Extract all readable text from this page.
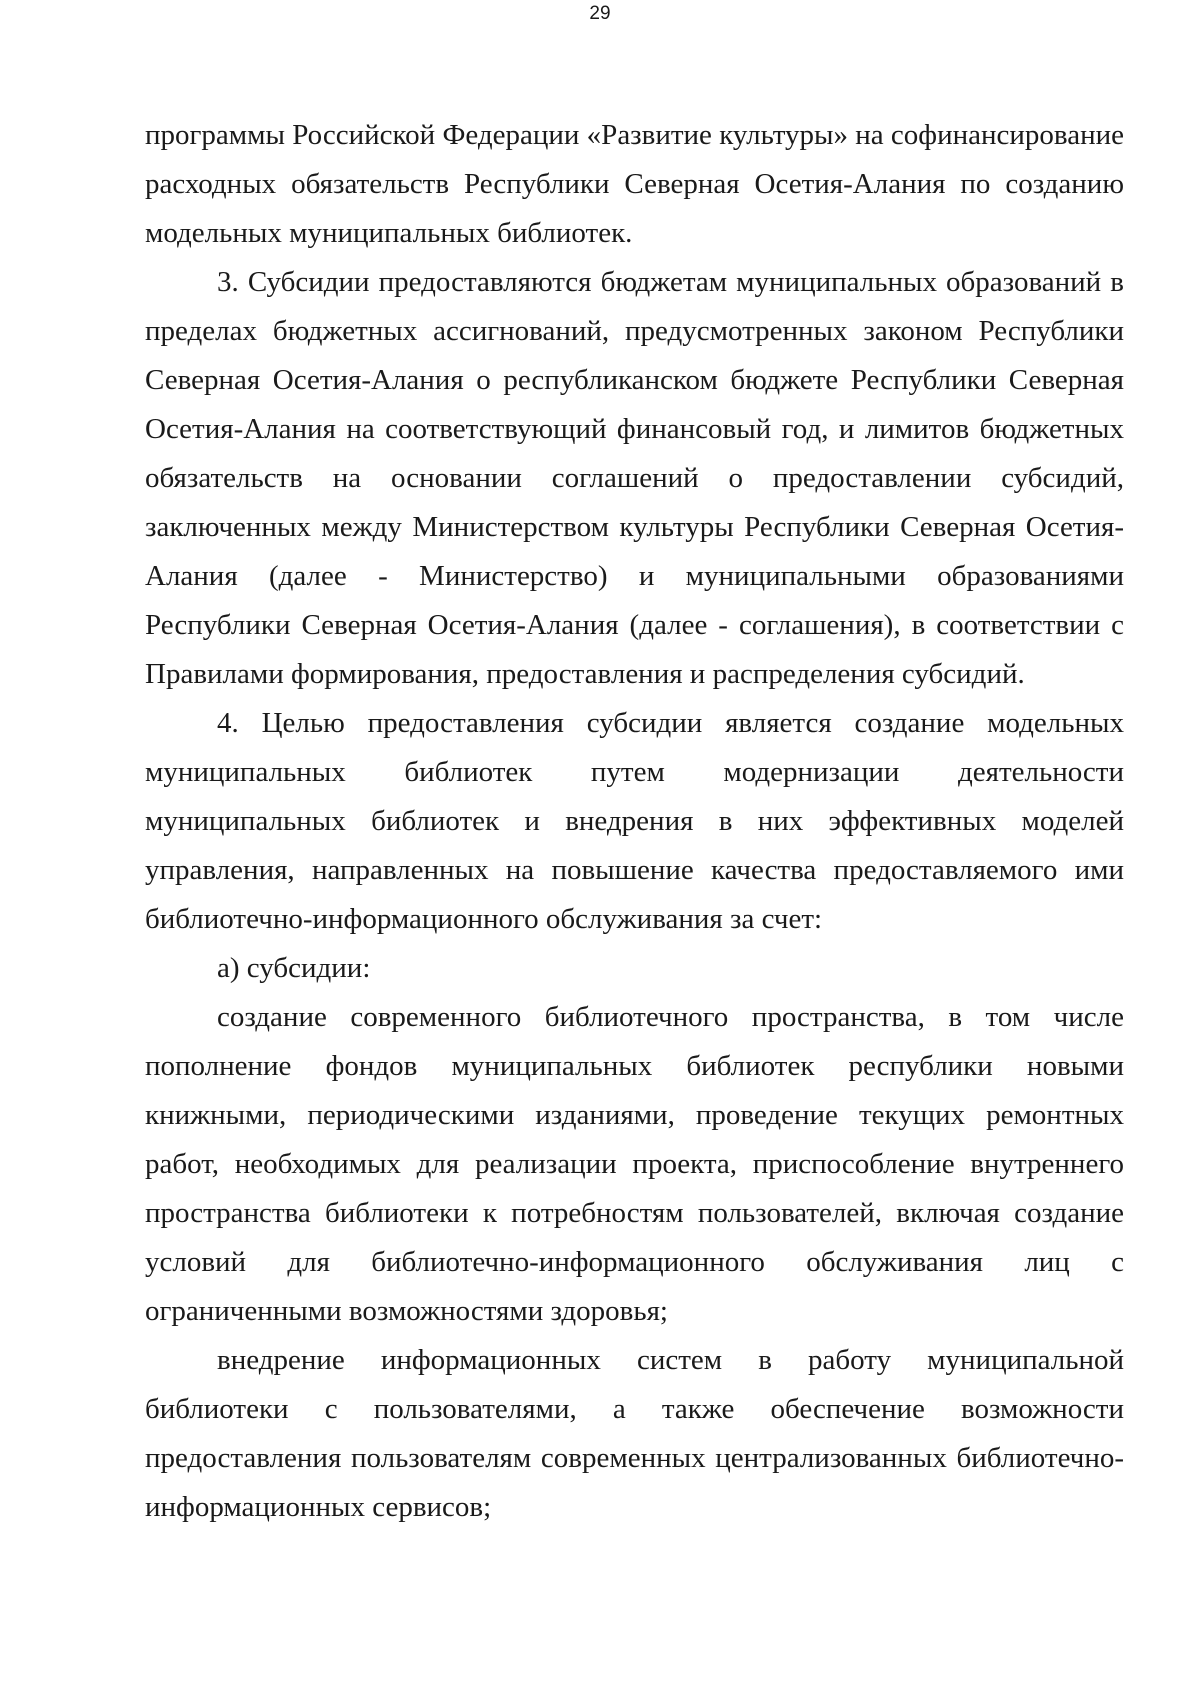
29

программы Российской Федерации «Развитие культуры» на софинансирование расходных обязательств Республики Северная Осетия-Алания по созданию модельных муниципальных библиотек.

3. Субсидии предоставляются бюджетам муниципальных образований в пределах бюджетных ассигнований, предусмотренных законом Республики Северная Осетия-Алания о республиканском бюджете Республики Северная Осетия-Алания на соответствующий финансовый год, и лимитов бюджетных обязательств на основании соглашений о предоставлении субсидий, заключенных между Министерством культуры Республики Северная Осетия-Алания (далее - Министерство) и муниципальными образованиями Республики Северная Осетия-Алания (далее - соглашения), в соответствии с Правилами формирования, предоставления и распределения субсидий.

4. Целью предоставления субсидии является создание модельных муниципальных библиотек путем модернизации деятельности муниципальных библиотек и внедрения в них эффективных моделей управления, направленных на повышение качества предоставляемого ими библиотечно-информационного обслуживания за счет:

а) субсидии:

создание современного библиотечного пространства, в том числе пополнение фондов муниципальных библиотек республики новыми книжными, периодическими изданиями, проведение текущих ремонтных работ, необходимых для реализации проекта, приспособление внутреннего пространства библиотеки к потребностям пользователей, включая создание условий для библиотечно-информационного обслуживания лиц с ограниченными возможностями здоровья;

внедрение информационных систем в работу муниципальной библиотеки с пользователями, а также обеспечение возможности предоставления пользователям современных централизованных библиотечно-информационных сервисов;
